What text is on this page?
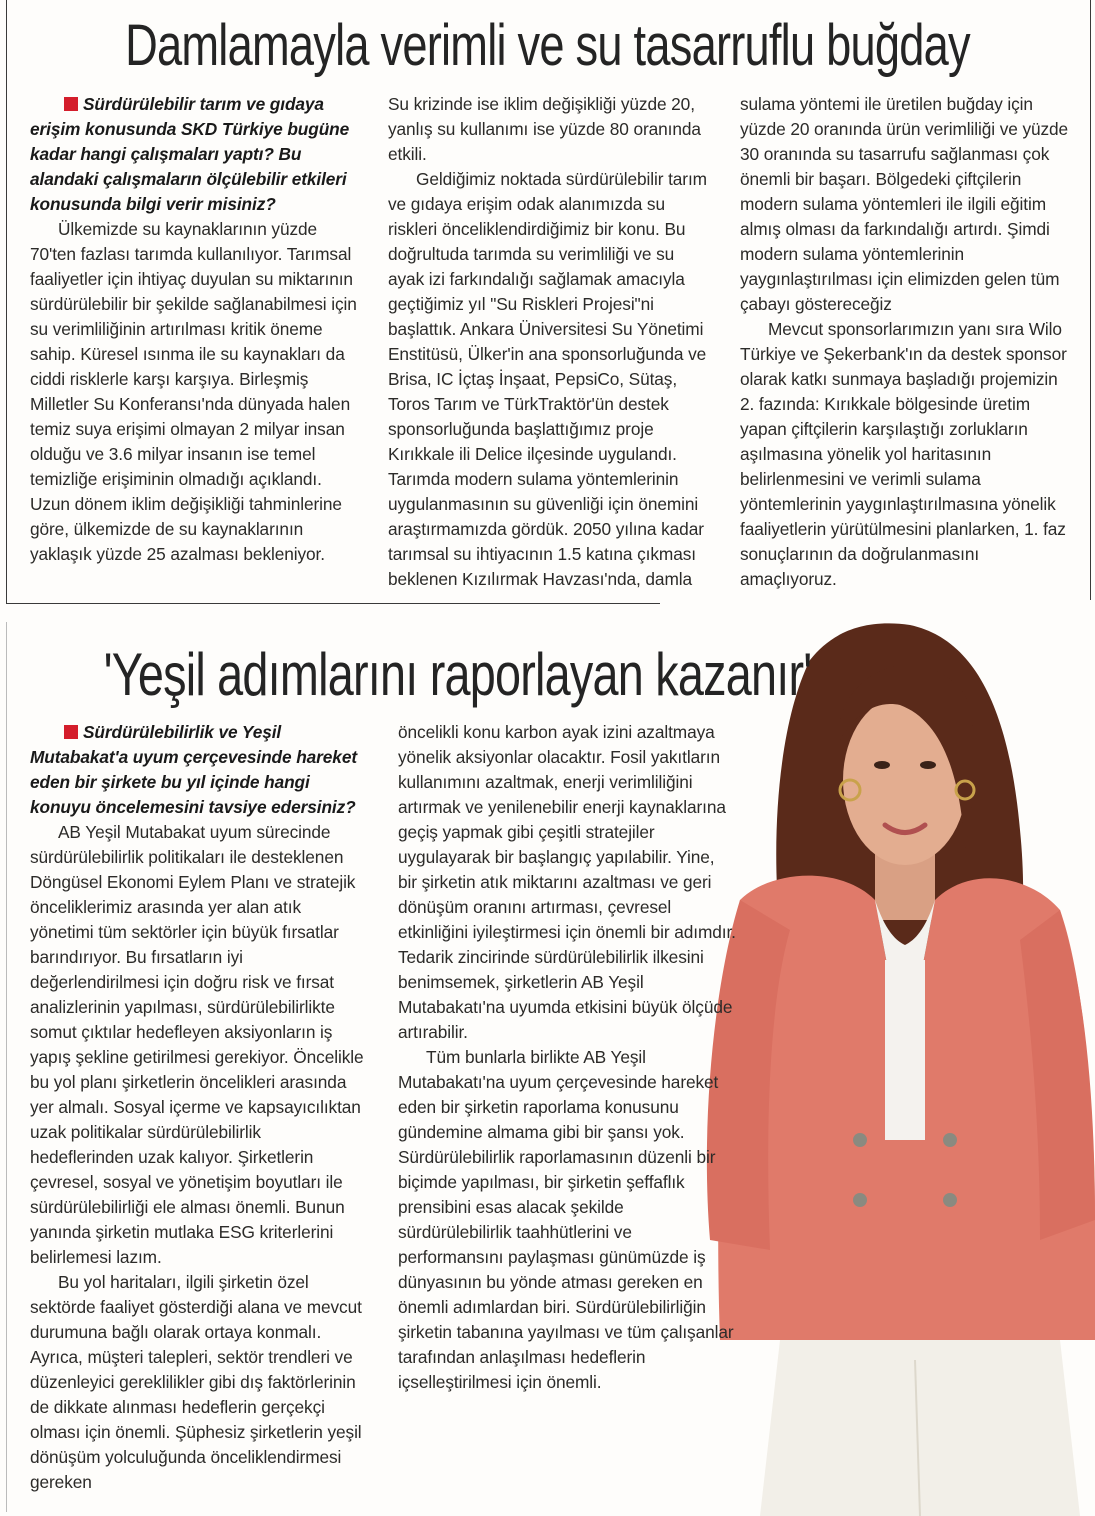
Damlamayla verimli ve su tasarruflu buğday

Sürdürülebilir tarım ve gıdaya erişim konusunda SKD Türkiye bugüne kadar hangi çalışmaları yaptı? Bu alandaki çalışmaların ölçülebilir etkileri konusunda bilgi verir misiniz?

Ülkemizde su kaynaklarının yüzde 70'ten fazlası tarımda kullanılıyor. Tarımsal faaliyetler için ihtiyaç duyulan su miktarının sürdürülebilir bir şekilde sağlanabilmesi için su verimliliğinin artırılması kritik öneme sahip. Küresel ısınma ile su kaynakları da ciddi risklerle karşı karşıya. Birleşmiş Milletler Su Konferansı'nda dünyada halen temiz suya erişimi olmayan 2 milyar insan olduğu ve 3.6 milyar insanın ise temel temizliğe erişiminin olmadığı açıklandı. Uzun dönem iklim değişikliği tahminlerine göre, ülkemizde de su kaynaklarının yaklaşık yüzde 25 azalması bekleniyor.

Su krizinde ise iklim değişikliği yüzde 20, yanlış su kullanımı ise yüzde 80 oranında etkili.

Geldiğimiz noktada sürdürülebilir tarım ve gıdaya erişim odak alanımızda su riskleri önceliklendirdiğimiz bir konu. Bu doğrultuda tarımda su verimliliği ve su ayak izi farkındalığı sağlamak amacıyla geçtiğimiz yıl "Su Riskleri Projesi"ni başlattık. Ankara Üniversitesi Su Yönetimi Enstitüsü, Ülker'in ana sponsorluğunda ve Brisa, IC İçtaş İnşaat, PepsiCo, Sütaş, Toros Tarım ve TürkTraktör'ün destek sponsorluğunda başlattığımız proje Kırıkkale ili Delice ilçesinde uygulandı. Tarımda modern sulama yöntemlerinin uygulanmasının su güvenliği için önemini araştırmamızda gördük. 2050 yılına kadar tarımsal su ihtiyacının 1.5 katına çıkması beklenen Kızılırmak Havzası'nda, damla

sulama yöntemi ile üretilen buğday için yüzde 20 oranında ürün verimliliği ve yüzde 30 oranında su tasarrufu sağlanması çok önemli bir başarı. Bölgedeki çiftçilerin modern sulama yöntemleri ile ilgili eğitim almış olması da farkındalığı artırdı. Şimdi modern sulama yöntemlerinin yaygınlaştırılması için elimizden gelen tüm çabayı göstereceğiz

Mevcut sponsorlarımızın yanı sıra Wilo Türkiye ve Şekerbank'ın da destek sponsor olarak katkı sunmaya başladığı projemizin 2. fazında: Kırıkkale bölgesinde üretim yapan çiftçilerin karşılaştığı zorlukların aşılmasına yönelik yol haritasının belirlenmesini ve verimli sulama yöntemlerinin yaygınlaştırılmasına yönelik faaliyetlerin yürütülmesini planlarken, 1. faz sonuçlarının da doğrulanmasını amaçlıyoruz.

'Yeşil adımlarını raporlayan kazanır'

Sürdürülebilirlik ve Yeşil Mutabakat'a uyum çerçevesinde hareket eden bir şirkete bu yıl içinde hangi konuyu öncelemesini tavsiye edersiniz?

AB Yeşil Mutabakat uyum sürecinde sürdürülebilirlik politikaları ile desteklenen Döngüsel Ekonomi Eylem Planı ve stratejik önceliklerimiz arasında yer alan atık yönetimi tüm sektörler için büyük fırsatlar barındırıyor. Bu fırsatların iyi değerlendirilmesi için doğru risk ve fırsat analizlerinin yapılması, sürdürülebilirlikte somut çıktılar hedefleyen aksiyonların iş yapış şekline getirilmesi gerekiyor. Öncelikle bu yol planı şirketlerin öncelikleri arasında yer almalı. Sosyal içerme ve kapsayıcılıktan uzak politikalar sürdürülebilirlik hedeflerinden uzak kalıyor. Şirketlerin çevresel, sosyal ve yönetişim boyutları ile sürdürülebilirliği ele alması önemli. Bunun yanında şirketin mutlaka ESG kriterlerini belirlemesi lazım.

Bu yol haritaları, ilgili şirketin özel sektörde faaliyet gösterdiği alana ve mevcut durumuna bağlı olarak ortaya konmalı. Ayrıca, müşteri talepleri, sektör trendleri ve düzenleyici gereklilikler gibi dış faktörlerinin de dikkate alınması hedeflerin gerçekçi olması için önemli. Şüphesiz şirketlerin yeşil dönüşüm yolculuğunda önceliklendirmesi gereken

öncelikli konu karbon ayak izini azaltmaya yönelik aksiyonlar olacaktır. Fosil yakıtların kullanımını azaltmak, enerji verimliliğini artırmak ve yenilenebilir enerji kaynaklarına geçiş yapmak gibi çeşitli stratejiler uygulayarak bir başlangıç yapılabilir. Yine, bir şirketin atık miktarını azaltması ve geri dönüşüm oranını artırması, çevresel etkinliğini iyileştirmesi için önemli bir adımdır. Tedarik zincirinde sürdürülebilirlik ilkesini benimsemek, şirketlerin AB Yeşil Mutabakatı'na uyumda etkisini büyük ölçüde artırabilir.

Tüm bunlarla birlikte AB Yeşil Mutabakatı'na uyum çerçevesinde hareket eden bir şirketin raporlama konusunu gündemine almama gibi bir şansı yok. Sürdürülebilirlik raporlamasının düzenli bir biçimde yapılması, bir şirketin şeffaflık prensibini esas alacak şekilde sürdürülebilirlik taahhütlerini ve performansını paylaşması günümüzde iş dünyasının bu yönde atması gereken en önemli adımlardan biri. Sürdürülebilirliğin şirketin tabanına yayılması ve tüm çalışanlar tarafından anlaşılması hedeflerin içselleştirilmesi için önemli.
